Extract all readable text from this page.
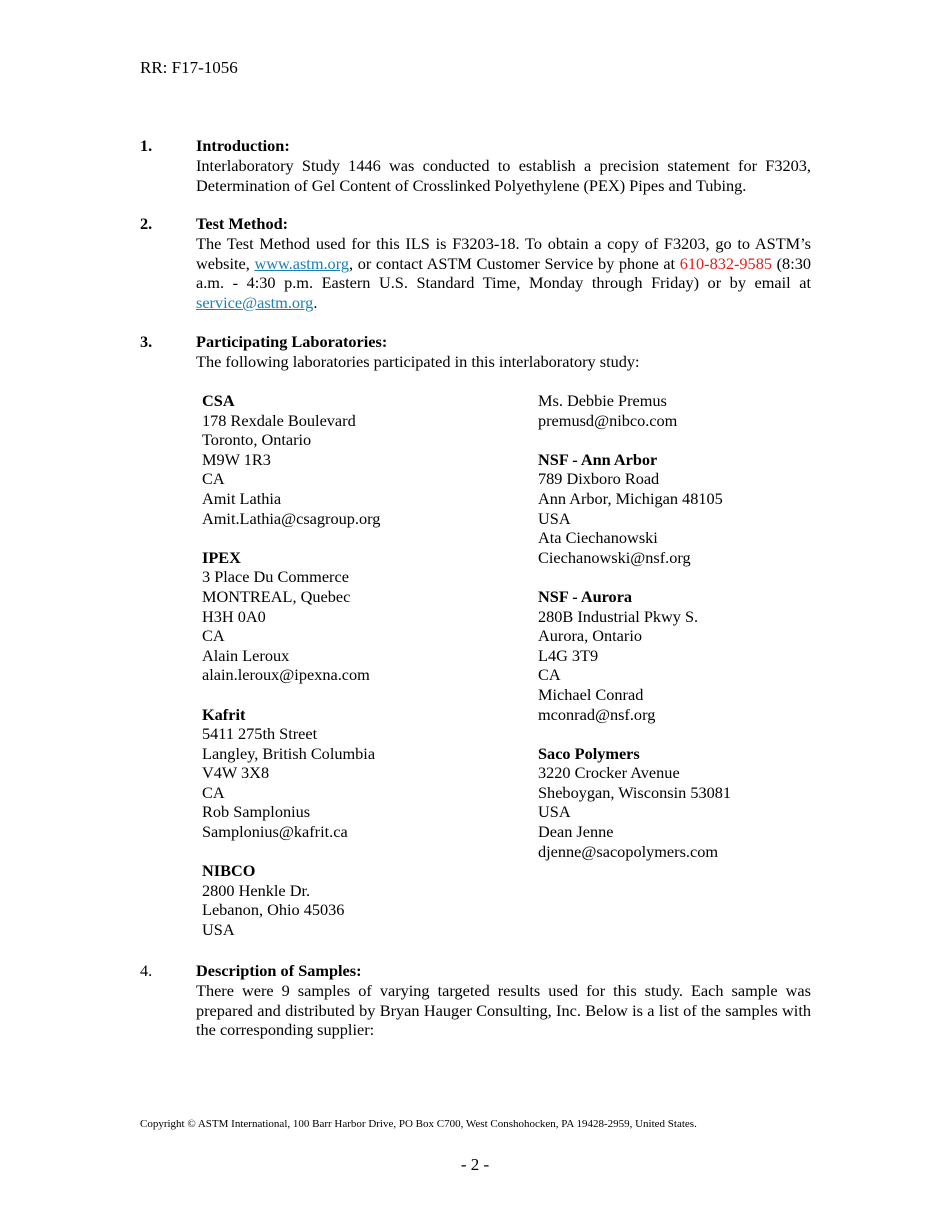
RR: F17-1056
1.	Introduction:

Interlaboratory Study 1446 was conducted to establish a precision statement for F3203, Determination of Gel Content of Crosslinked Polyethylene (PEX) Pipes and Tubing.

2.	Test Method:

The Test Method used for this ILS is F3203-18. To obtain a copy of F3203, go to ASTM’s website, www.astm.org, or contact ASTM Customer Service by phone at 610-832-9585 (8:30 a.m. - 4:30 p.m. Eastern U.S. Standard Time, Monday through Friday) or by email at service@astm.org.

3.	Participating Laboratories:

The following laboratories participated in this interlaboratory study:

CSA
178 Rexdale Boulevard
Toronto, Ontario
M9W 1R3
CA
Amit Lathia
Amit.Lathia@csagroup.org
IPEX
3 Place Du Commerce
MONTREAL, Quebec
H3H 0A0
CA
Alain Leroux
alain.leroux@ipexna.com
Kafrit
5411 275th Street
Langley, British Columbia
V4W 3X8
CA
Rob Samplonius
Samplonius@kafrit.ca
NIBCO
2800 Henkle Dr.
Lebanon, Ohio 45036
USA
Ms. Debbie Premus
premusd@nibco.com
NSF - Ann Arbor
789 Dixboro Road
Ann Arbor, Michigan 48105
USA
Ata Ciechanowski
Ciechanowski@nsf.org
NSF - Aurora
280B Industrial Pkwy S.
Aurora, Ontario
L4G 3T9
CA
Michael Conrad
mconrad@nsf.org
Saco Polymers
3220 Crocker Avenue
Sheboygan, Wisconsin 53081
USA
Dean Jenne
djenne@sacopolymers.com
4.	Description of Samples:

There were 9 samples of varying targeted results used for this study. Each sample was prepared and distributed by Bryan Hauger Consulting, Inc. Below is a list of the samples with the corresponding supplier:

Copyright © ASTM International, 100 Barr Harbor Drive, PO Box C700, West Conshohocken, PA 19428-2959, United States.
- 2 -
